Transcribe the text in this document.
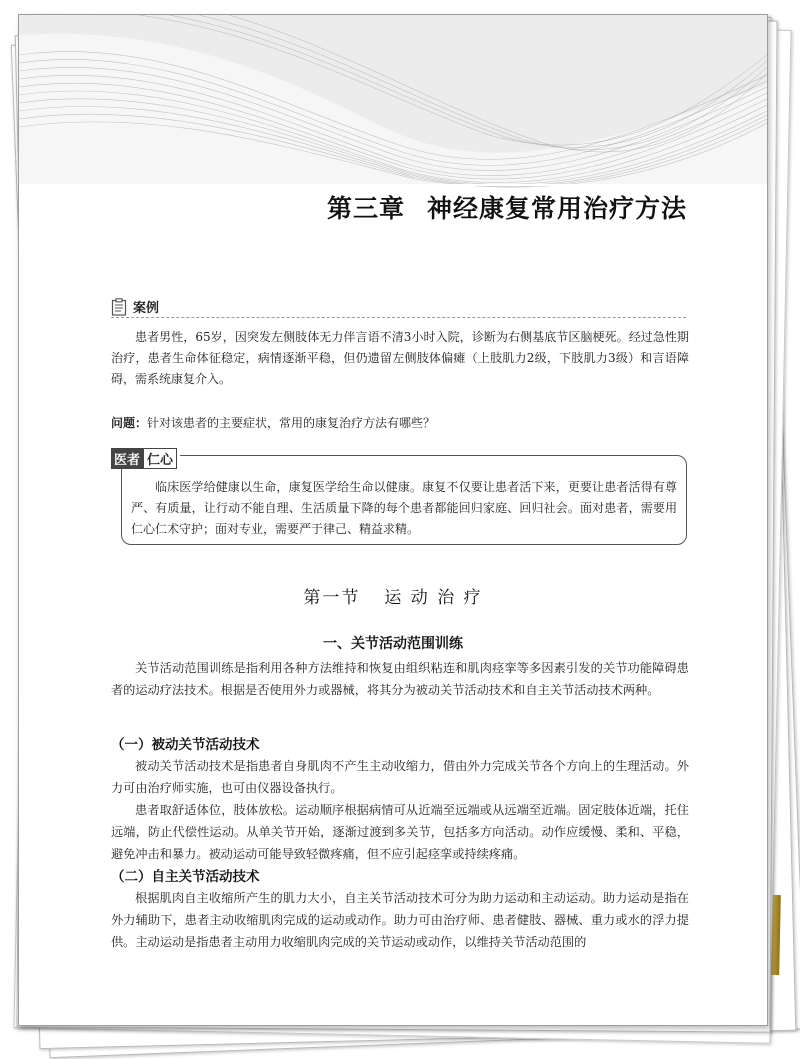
第三章 神经康复常用治疗方法
案例
患者男性，65岁，因突发左侧肢体无力伴言语不清3小时入院，诊断为右侧基底节区脑梗死。经过急性期治疗，患者生命体征稳定，病情逐渐平稳，但仍遗留左侧肢体偏瘫（上肢肌力2级，下肢肌力3级）和言语障碍，需系统康复介入。
问题：针对该患者的主要症状，常用的康复治疗方法有哪些？
医者 仁心
临床医学给健康以生命，康复医学给生命以健康。康复不仅要让患者活下来，更要让患者活得有尊严、有质量，让行动不能自理、生活质量下降的每个患者都能回归家庭、回归社会。面对患者，需要用仁心仁术守护；面对专业，需要严于律己、精益求精。
第一节 运 动 治 疗
一、关节活动范围训练
关节活动范围训练是指利用各种方法维持和恢复由组织粘连和肌肉痉挛等多因素引发的关节功能障碍患者的运动疗法技术。根据是否使用外力或器械，将其分为被动关节活动技术和自主关节活动技术两种。
（一）被动关节活动技术
被动关节活动技术是指患者自身肌肉不产生主动收缩力，借由外力完成关节各个方向上的生理活动。外力可由治疗师实施，也可由仪器设备执行。
患者取舒适体位，肢体放松。运动顺序根据病情可从近端至远端或从远端至近端。固定肢体近端，托住远端，防止代偿性运动。从单关节开始，逐渐过渡到多关节，包括多方向活动。动作应缓慢、柔和、平稳，避免冲击和暴力。被动运动可能导致轻微疼痛，但不应引起痉挛或持续疼痛。
（二）自主关节活动技术
根据肌肉自主收缩所产生的肌力大小，自主关节活动技术可分为助力运动和主动运动。助力运动是指在外力辅助下，患者主动收缩肌肉完成的运动或动作。助力可由治疗师、患者健肢、器械、重力或水的浮力提供。主动运动是指患者主动用力收缩肌肉完成的关节运动或动作，以维持关节活动范围的
